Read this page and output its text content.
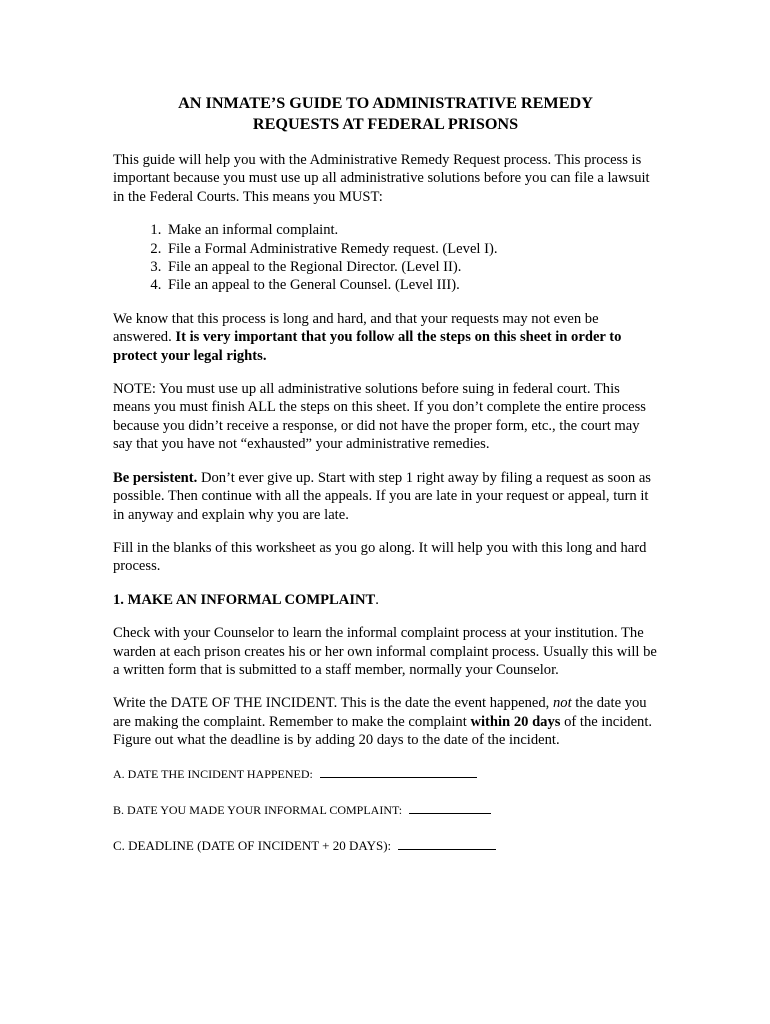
AN INMATE’S GUIDE TO ADMINISTRATIVE REMEDY
REQUESTS AT FEDERAL PRISONS

This guide will help you with the Administrative Remedy Request process. This process is important because you must use up all administrative solutions before you can file a lawsuit in the Federal Courts. This means you MUST:

1. Make an informal complaint.
2. File a Formal Administrative Remedy request. (Level I).
3. File an appeal to the Regional Director. (Level II).
4. File an appeal to the General Counsel. (Level III).

We know that this process is long and hard, and that your requests may not even be answered. It is very important that you follow all the steps on this sheet in order to protect your legal rights.

NOTE: You must use up all administrative solutions before suing in federal court. This means you must finish ALL the steps on this sheet. If you don’t complete the entire process because you didn’t receive a response, or did not have the proper form, etc., the court may say that you have not “exhausted” your administrative remedies.

Be persistent. Don’t ever give up. Start with step 1 right away by filing a request as soon as possible. Then continue with all the appeals. If you are late in your request or appeal, turn it in anyway and explain why you are late.

Fill in the blanks of this worksheet as you go along. It will help you with this long and hard process.

1. MAKE AN INFORMAL COMPLAINT.

Check with your Counselor to learn the informal complaint process at your institution. The warden at each prison creates his or her own informal complaint process. Usually this will be a written form that is submitted to a staff member, normally your Counselor.

Write the DATE OF THE INCIDENT. This is the date the event happened, not the date you are making the complaint. Remember to make the complaint within 20 days of the incident. Figure out what the deadline is by adding 20 days to the date of the incident.

A. DATE THE INCIDENT HAPPENED:
B. DATE YOU MADE YOUR INFORMAL COMPLAINT:
C. DEADLINE (DATE OF INCIDENT + 20 DAYS):
